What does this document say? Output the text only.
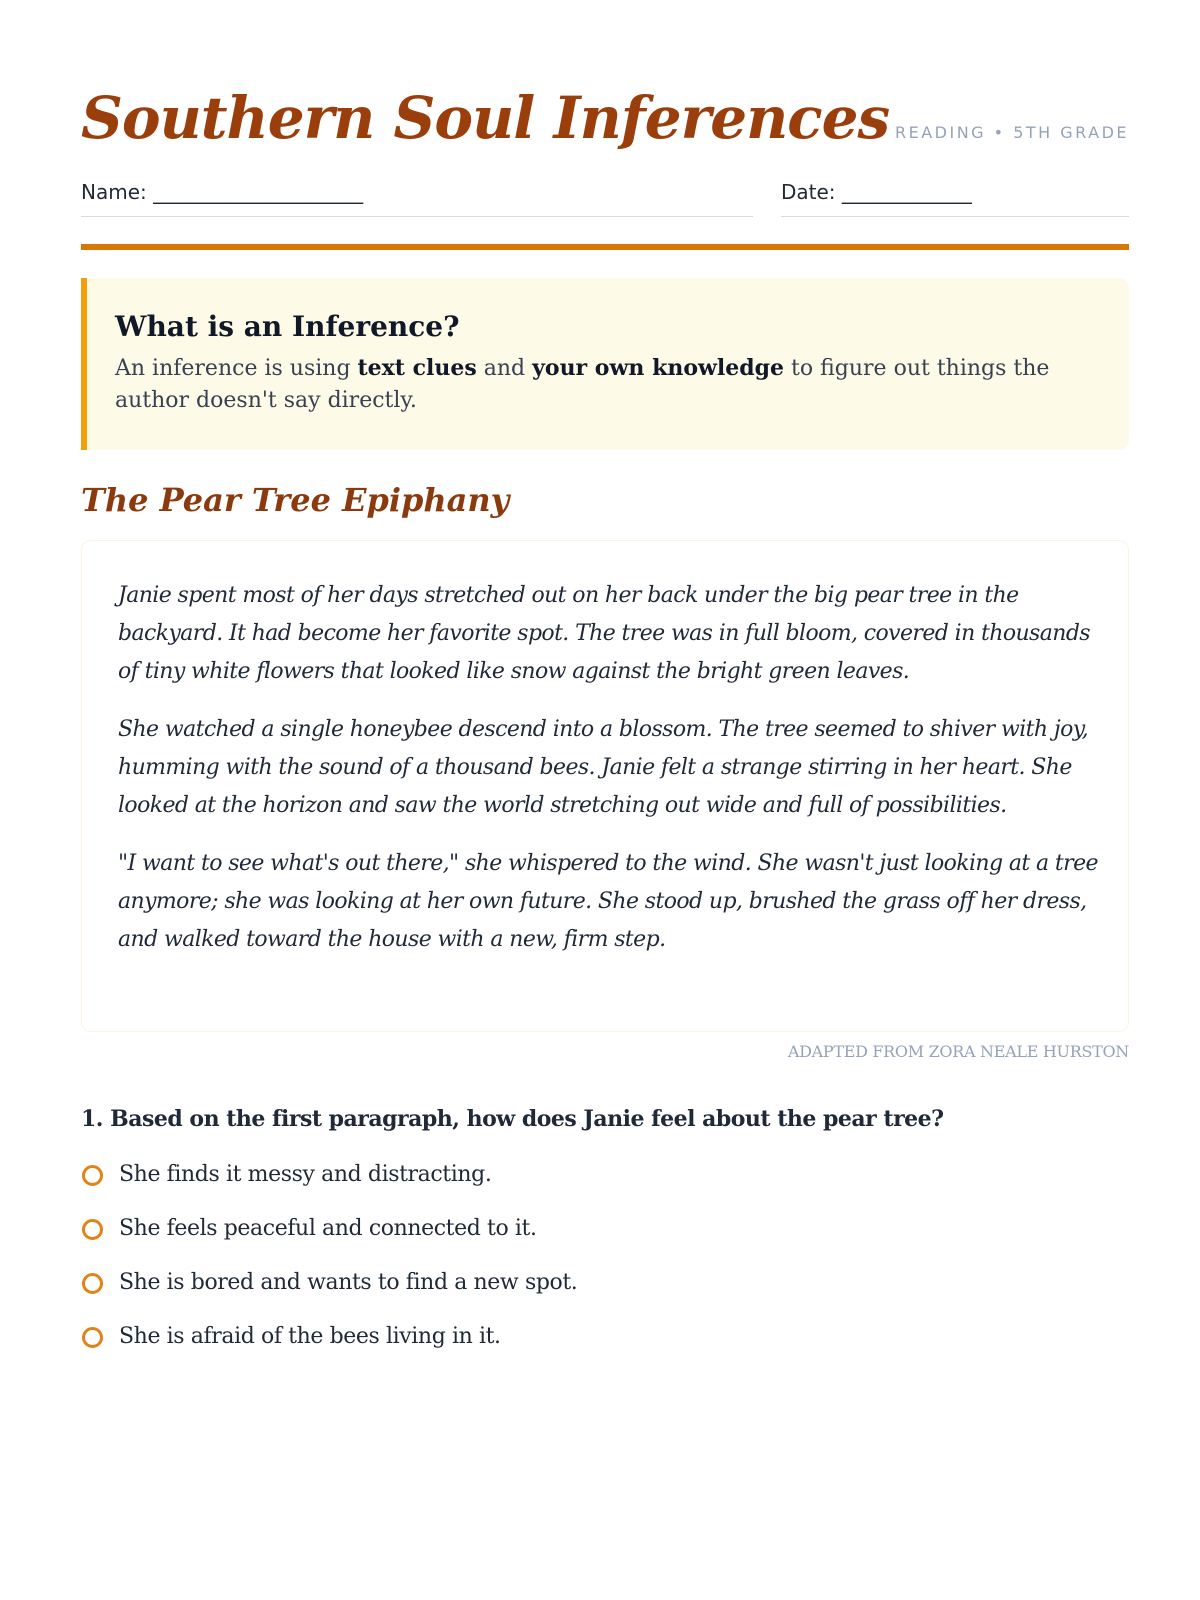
Southern Soul Inferences READING • 5TH GRADE
Name: _____________________	Date: _____________
What is an Inference?

An inference is using text clues and your own knowledge to figure out things the author doesn't say directly.

The Pear Tree Epiphany

Janie spent most of her days stretched out on her back under the big pear tree in the backyard. It had become her favorite spot. The tree was in full bloom, covered in thousands of tiny white flowers that looked like snow against the bright green leaves.

She watched a single honeybee descend into a blossom. The tree seemed to shiver with joy, humming with the sound of a thousand bees. Janie felt a strange stirring in her heart. She looked at the horizon and saw the world stretching out wide and full of possibilities.

"I want to see what's out there," she whispered to the wind. She wasn't just looking at a tree anymore; she was looking at her own future. She stood up, brushed the grass off her dress, and walked toward the house with a new, firm step.

ADAPTED FROM ZORA NEALE HURSTON
1. Based on the first paragraph, how does Janie feel about the pear tree?
She finds it messy and distracting.
She feels peaceful and connected to it.
She is bored and wants to find a new spot.
She is afraid of the bees living in it.
